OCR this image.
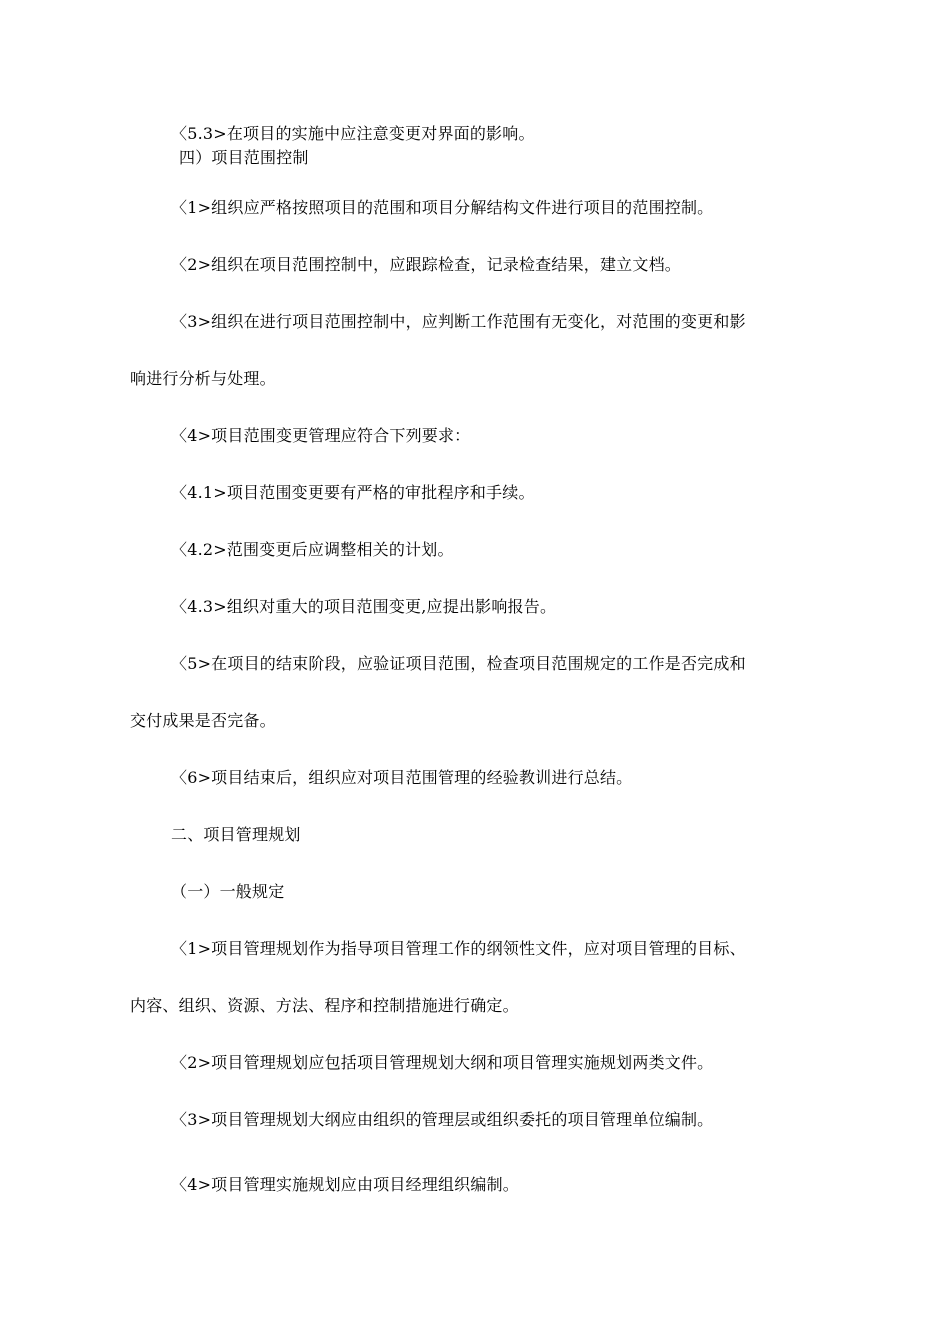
〈5.3>在项目的实施中应注意变更对界面的影响。
四）项目范围控制
〈1>组织应严格按照项目的范围和项目分解结构文件进行项目的范围控制。
〈2>组织在项目范围控制中，应跟踪检查，记录检查结果，建立文档。
〈3>组织在进行项目范围控制中，应判断工作范围有无变化，对范围的变更和影
响进行分析与处理。
〈4>项目范围变更管理应符合下列要求：
〈4.1>项目范围变更要有严格的审批程序和手续。
〈4.2>范围变更后应调整相关的计划。
〈4.3>组织对重大的项目范围变更,应提出影响报告。
〈5>在项目的结束阶段，应验证项目范围，检查项目范围规定的工作是否完成和
交付成果是否完备。
〈6>项目结束后，组织应对项目范围管理的经验教训进行总结。
二、项目管理规划
（一）一般规定
〈1>项目管理规划作为指导项目管理工作的纲领性文件，应对项目管理的目标、
内容、组织、资源、方法、程序和控制措施进行确定。
〈2>项目管理规划应包括项目管理规划大纲和项目管理实施规划两类文件。
〈3>项目管理规划大纲应由组织的管理层或组织委托的项目管理单位编制。
〈4>项目管理实施规划应由项目经理组织编制。
